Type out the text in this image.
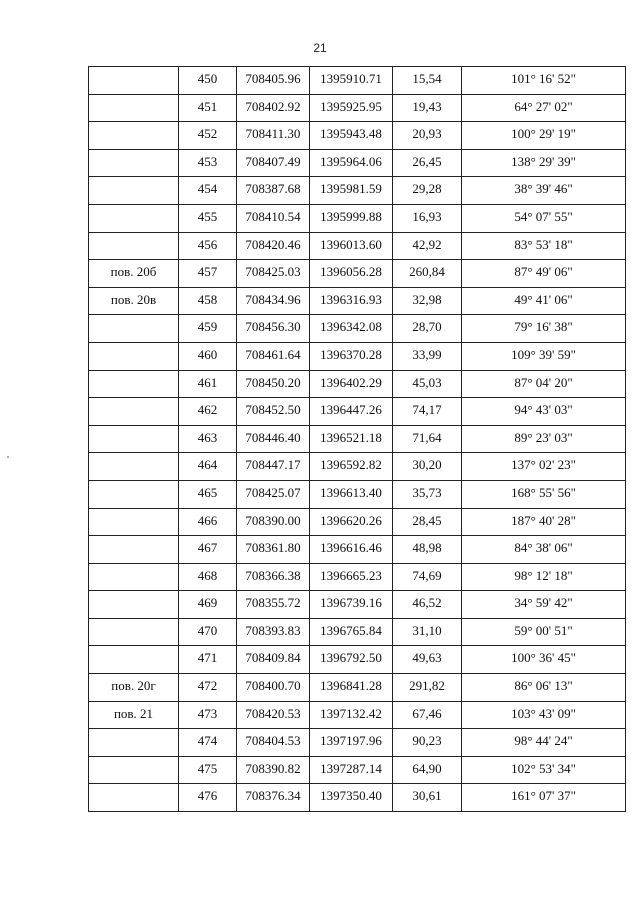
21
	450	708405.96	1395910.71	15,54	101° 16' 52"
	451	708402.92	1395925.95	19,43	64° 27' 02"
	452	708411.30	1395943.48	20,93	100° 29' 19"
	453	708407.49	1395964.06	26,45	138° 29' 39"
	454	708387.68	1395981.59	29,28	38° 39' 46"
	455	708410.54	1395999.88	16,93	54° 07' 55"
	456	708420.46	1396013.60	42,92	83° 53' 18"
пов. 20б	457	708425.03	1396056.28	260,84	87° 49' 06"
пов. 20в	458	708434.96	1396316.93	32,98	49° 41' 06"
	459	708456.30	1396342.08	28,70	79° 16' 38"
	460	708461.64	1396370.28	33,99	109° 39' 59"
	461	708450.20	1396402.29	45,03	87° 04' 20"
	462	708452.50	1396447.26	74,17	94° 43' 03"
	463	708446.40	1396521.18	71,64	89° 23' 03"
	464	708447.17	1396592.82	30,20	137° 02' 23"
	465	708425.07	1396613.40	35,73	168° 55' 56"
	466	708390.00	1396620.26	28,45	187° 40' 28"
	467	708361.80	1396616.46	48,98	84° 38' 06"
	468	708366.38	1396665.23	74,69	98° 12' 18"
	469	708355.72	1396739.16	46,52	34° 59' 42"
	470	708393.83	1396765.84	31,10	59° 00' 51"
	471	708409.84	1396792.50	49,63	100° 36' 45"
пов. 20г	472	708400.70	1396841.28	291,82	86° 06' 13"
пов. 21	473	708420.53	1397132.42	67,46	103° 43' 09"
	474	708404.53	1397197.96	90,23	98° 44' 24"
	475	708390.82	1397287.14	64,90	102° 53' 34"
	476	708376.34	1397350.40	30,61	161° 07' 37"
